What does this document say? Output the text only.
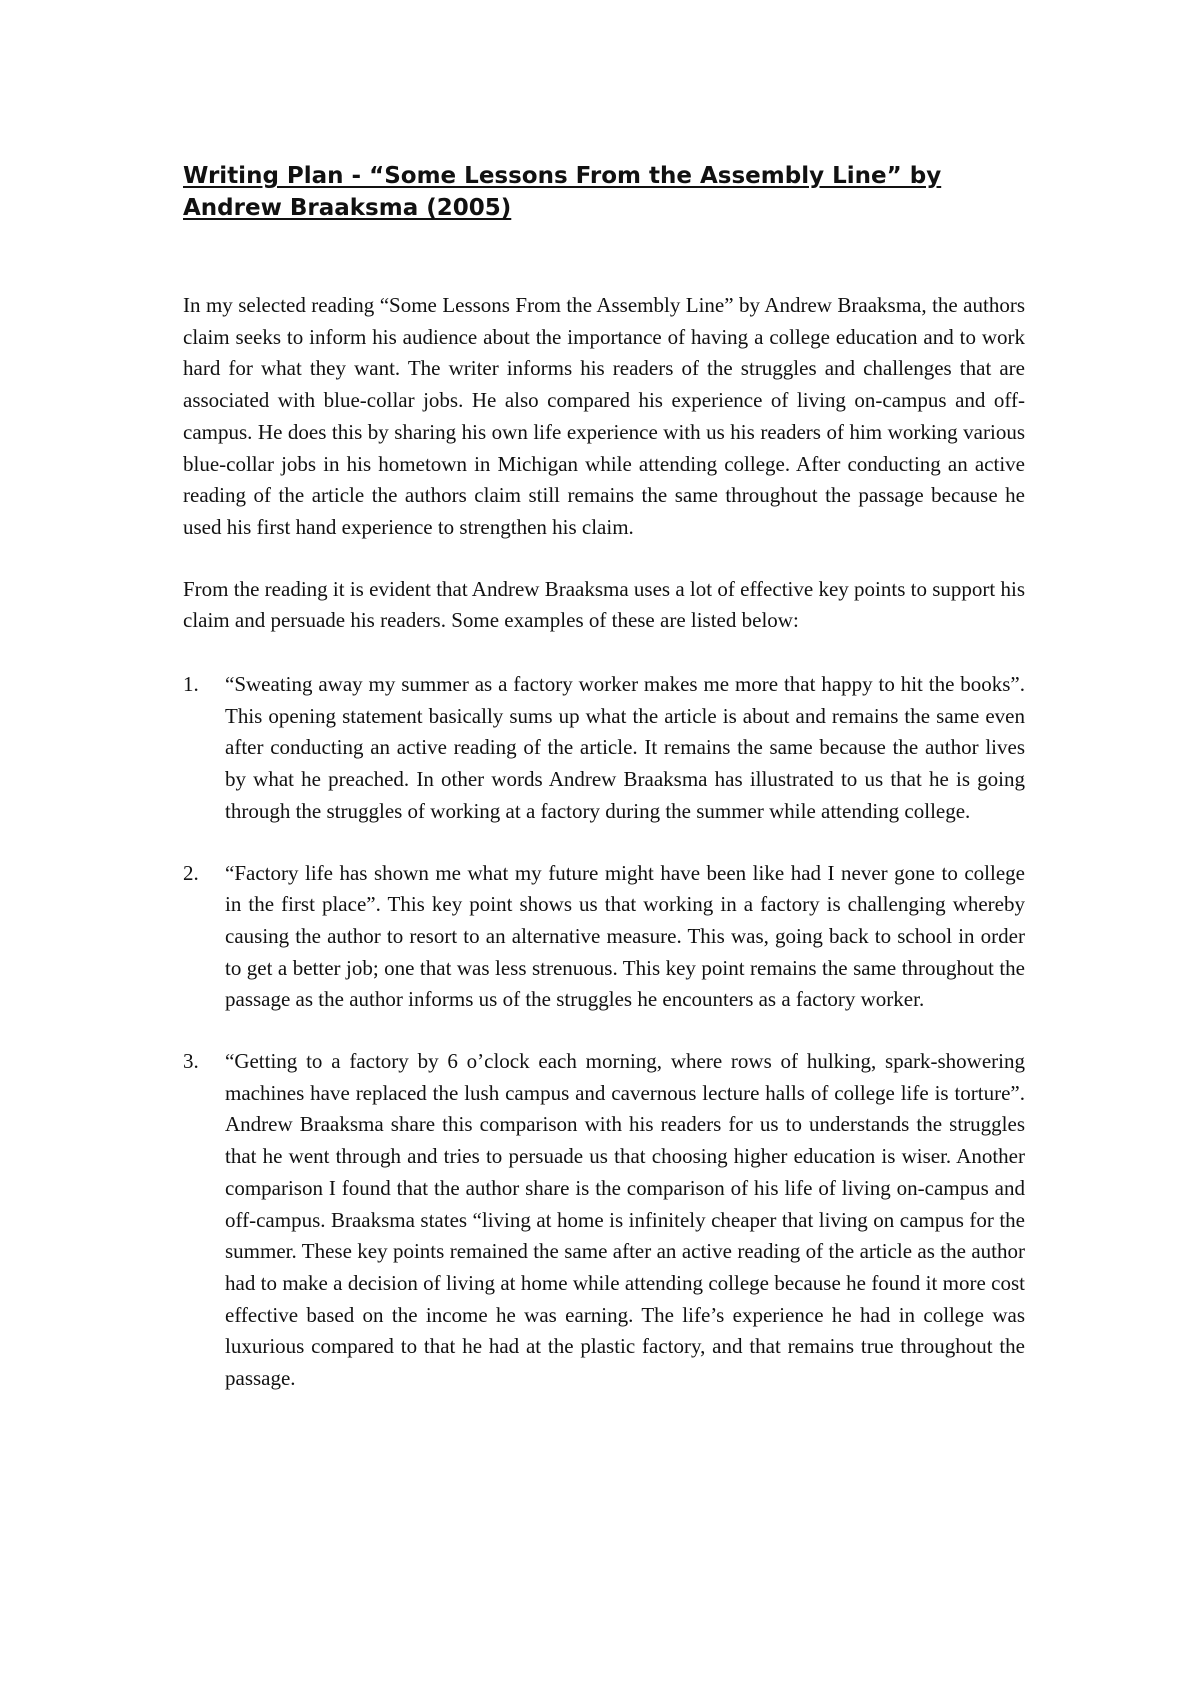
Writing Plan - “Some Lessons From the Assembly Line” by Andrew Braaksma (2005)

In my selected reading “Some Lessons From the Assembly Line” by Andrew Braaksma, the authors claim seeks to inform his audience about the importance of having a college education and to work hard for what they want. The writer informs his readers of the struggles and challenges that are associated with blue-collar jobs. He also compared his experience of living on-campus and off-campus. He does this by sharing his own life experience with us his readers of him working various blue-collar jobs in his hometown in Michigan while attending college. After conducting an active reading of the article the authors claim still remains the same throughout the passage because he used his first hand experience to strengthen his claim.

From the reading it is evident that Andrew Braaksma uses a lot of effective key points to support his claim and persuade his readers. Some examples of these are listed below:

1. “Sweating away my summer as a factory worker makes me more that happy to hit the books”. This opening statement basically sums up what the article is about and remains the same even after conducting an active reading of the article. It remains the same because the author lives by what he preached. In other words Andrew Braaksma has illustrated to us that he is going through the struggles of working at a factory during the summer while attending college.

2. “Factory life has shown me what my future might have been like had I never gone to college in the first place”. This key point shows us that working in a factory is challenging whereby causing the author to resort to an alternative measure. This was, going back to school in order to get a better job; one that was less strenuous. This key point remains the same throughout the passage as the author informs us of the struggles he encounters as a factory worker.

3. “Getting to a factory by 6 o’clock each morning, where rows of hulking, spark-showering machines have replaced the lush campus and cavernous lecture halls of college life is torture”. Andrew Braaksma share this comparison with his readers for us to understands the struggles that he went through and tries to persuade us that choosing higher education is wiser. Another comparison I found that the author share is the comparison of his life of living on-campus and off-campus. Braaksma states “living at home is infinitely cheaper that living on campus for the summer. These key points remained the same after an active reading of the article as the author had to make a decision of living at home while attending college because he found it more cost effective based on the income he was earning. The life’s experience he had in college was luxurious compared to that he had at the plastic factory, and that remains true throughout the passage.
